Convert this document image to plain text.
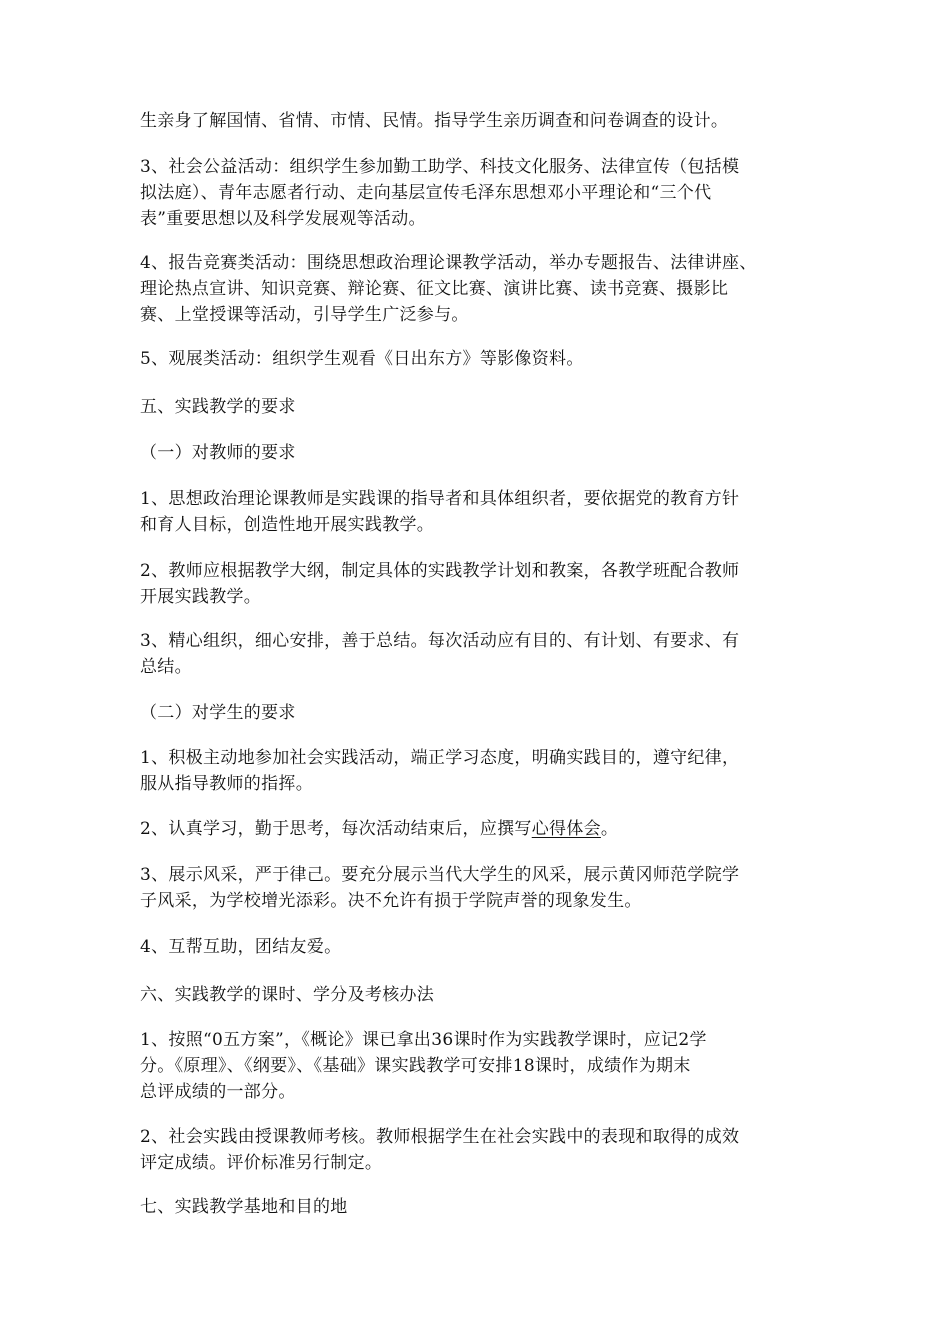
生亲身了解国情、省情、市情、民情。指导学生亲历调查和问卷调查的设计。
3、社会公益活动：组织学生参加勤工助学、科技文化服务、法律宣传（包括模
拟法庭）、青年志愿者行动、走向基层宣传毛泽东思想邓小平理论和“三个代
表”重要思想以及科学发展观等活动。
4、报告竞赛类活动：围绕思想政治理论课教学活动，举办专题报告、法律讲座、
理论热点宣讲、知识竞赛、辩论赛、征文比赛、演讲比赛、读书竞赛、摄影比
赛、上堂授课等活动，引导学生广泛参与。
5、观展类活动：组织学生观看《日出东方》等影像资料。
五、实践教学的要求
（一）对教师的要求
1、思想政治理论课教师是实践课的指导者和具体组织者，要依据党的教育方针
和育人目标，创造性地开展实践教学。
2、教师应根据教学大纲，制定具体的实践教学计划和教案，各教学班配合教师
开展实践教学。
3、精心组织，细心安排，善于总结。每次活动应有目的、有计划、有要求、有
总结。
（二）对学生的要求
1、积极主动地参加社会实践活动，端正学习态度，明确实践目的，遵守纪律，
服从指导教师的指挥。
2、认真学习，勤于思考，每次活动结束后，应撰写心得体会。
3、展示风采，严于律己。要充分展示当代大学生的风采，展示黄冈师范学院学
子风采，为学校增光添彩。决不允许有损于学院声誉的现象发生。
4、互帮互助，团结友爱。
六、实践教学的课时、学分及考核办法
1、按照“0五方案”，《概论》课已拿出36课时作为实践教学课时，应记2学
分。《原理》、《纲要》、《基础》课实践教学可安排18课时，成绩作为期末
总评成绩的一部分。
2、社会实践由授课教师考核。教师根据学生在社会实践中的表现和取得的成效
评定成绩。评价标准另行制定。
七、实践教学基地和目的地
